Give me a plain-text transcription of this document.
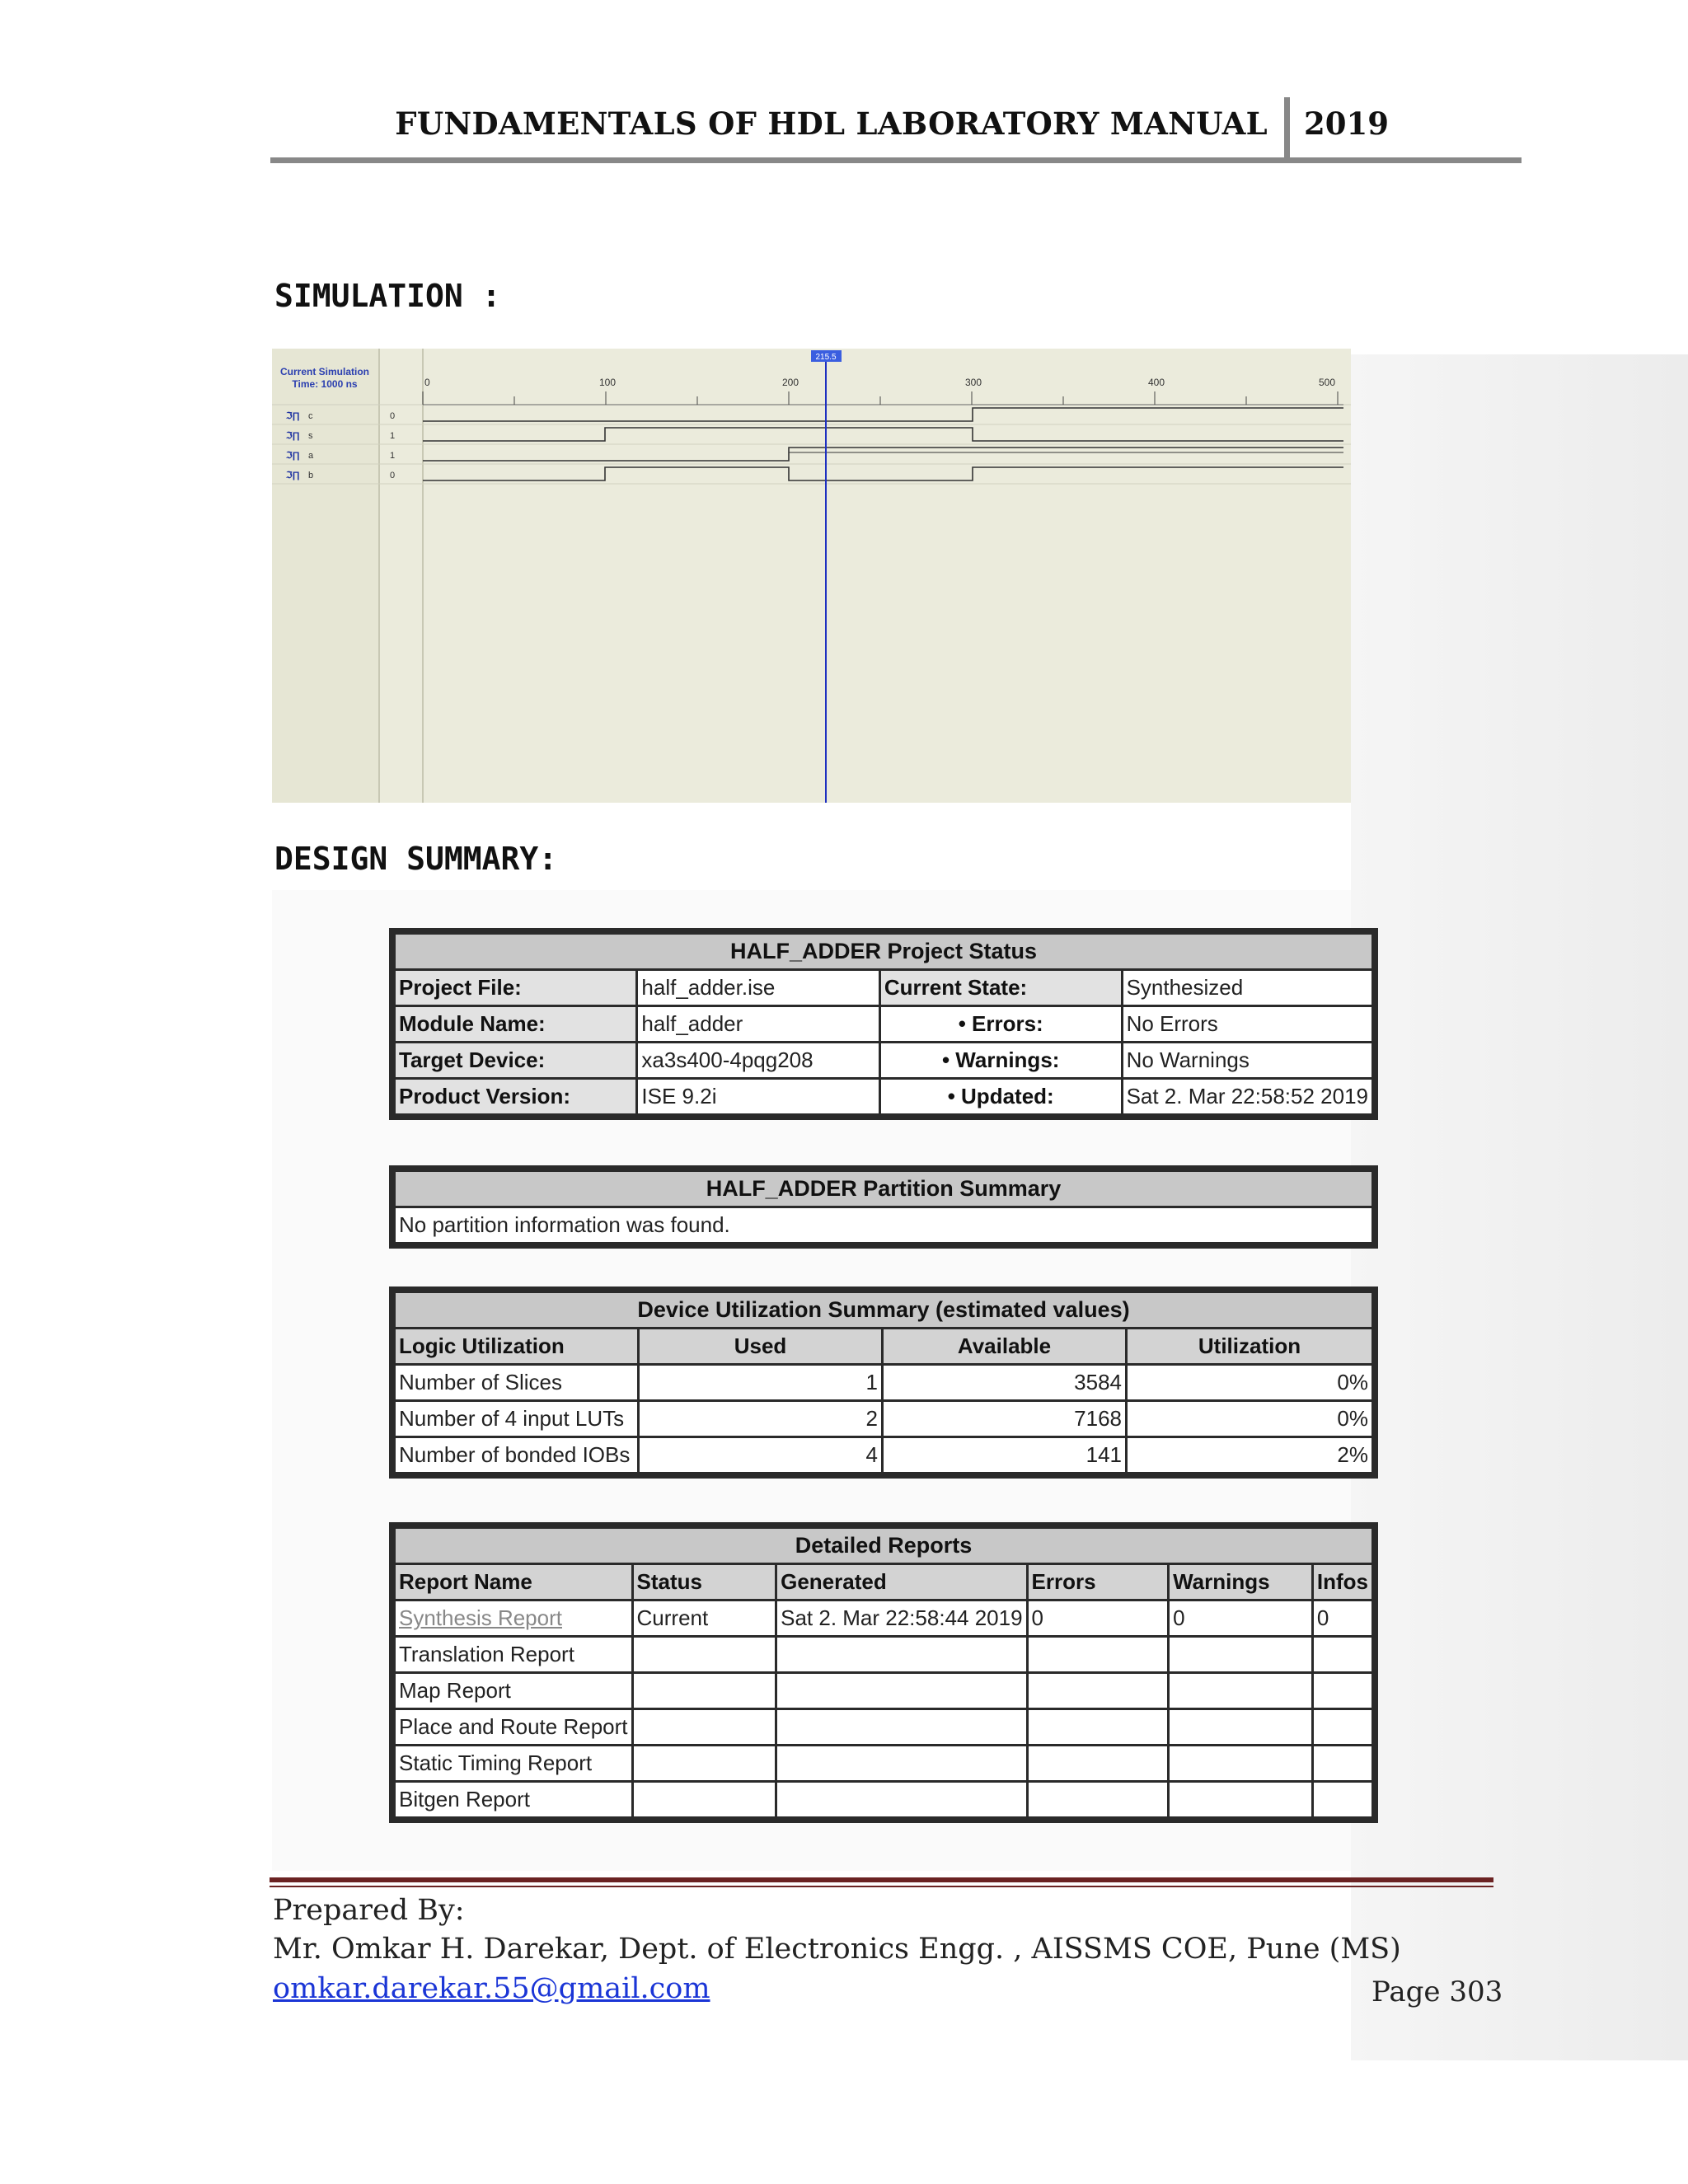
FUNDAMENTALS OF HDL LABORATORY MANUAL 2019
SIMULATION :
Current Simulation
Time: 1000 ns	0	100	200	300	400	500
ℑ∏ c	0
ℑ∏ s	1
ℑ∏ a	1
ℑ∏ b	0
215.5
DESIGN SUMMARY:
HALF_ADDER Project Status			
Project File:	half_adder.ise	Current State:	Synthesized
Module Name:	half_adder	• Errors:	No Errors
Target Device:	xa3s400-4pqg208	• Warnings:	No Warnings
Product Version:	ISE 9.2i	• Updated:	Sat 2. Mar 22:58:52 2019
HALF_ADDER Partition Summary
No partition information was found.
Device Utilization Summary (estimated values)			
Logic Utilization	Used	Available	Utilization
Number of Slices	1	3584	0%
Number of 4 input LUTs	2	7168	0%
Number of bonded IOBs	4	141	2%
Detailed Reports					
Report Name	Status	Generated	Errors	Warnings	Infos
Synthesis Report	Current	Sat 2. Mar 22:58:44 2019	0	0	0
Translation Report					
Map Report					
Place and Route Report					
Static Timing Report					
Bitgen Report					
Prepared By:
Mr. Omkar H. Darekar, Dept. of Electronics Engg. , AISSMS COE, Pune (MS)
omkar.darekar.55@gmail.com	Page 303
